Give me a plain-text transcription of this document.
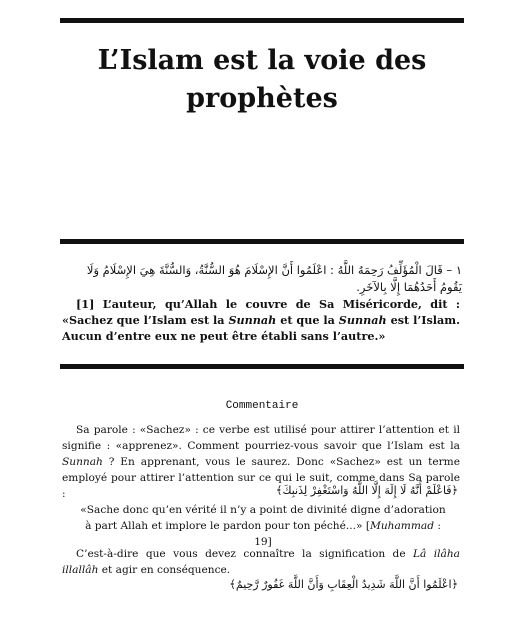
L’Islam est la voie des prophètes
١ – قَالَ الْمُؤَلِّفُ رَحِمَهُ اللَّهُ : اعْلَمُوا أَنَّ الإِسْلَامَ هُوَ السُّنَّةُ، وَالسُّنَّةَ هِيَ الإِسْلَامُ وَلَا يَقُومُ أَحَدُهُمَا إِلَّا بِالآخَرِ.

[1] L’auteur, qu’Allah le couvre de Sa Miséricorde, dit : «Sachez que l’Islam est la Sunnah et que la Sunnah est l’Islam. Aucun d’entre eux ne peut être établi sans l’autre.»

Commentaire

Sa parole : «Sachez» : ce verbe est utilisé pour attirer l’attention et il signifie : «apprenez». Comment pourriez-vous savoir que l’Islam est la Sunnah ? En apprenant, vous le saurez. Donc «Sachez» est un terme employé pour attirer l’attention sur ce qui le suit, comme dans Sa parole :	﴿فَاعْلَمْ أَنَّهُ لَا إِلَهَ إِلَّا اللَّهُ وَاسْتَغْفِرْ لِذَنبِكَ﴾

«Sache donc qu’en vérité il n’y a point de divinité digne d’adoration à part Allah et implore le pardon pour ton péché...» [Muhammad : 19]

C’est-à-dire que vous devez connaître la signification de Lâ ilâha illallâh et agir en conséquence.

﴿اعْلَمُوا أَنَّ اللَّهَ شَدِيدُ الْعِقَابِ وَأَنَّ اللَّهَ غَفُورٌ رَّحِيمٌ﴾
